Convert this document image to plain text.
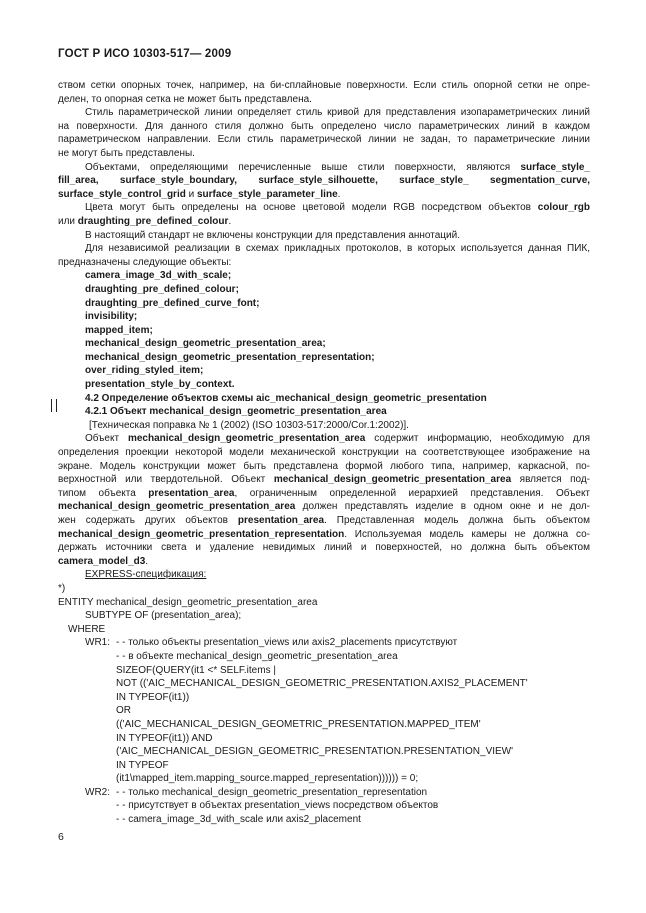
ГОСТ Р ИСО 10303-517— 2009
ством сетки опорных точек, например, на би-сплайновые поверхности. Если стиль опорной сетки не опре-
делен, то опорная сетка не может быть представлена.
Стиль параметрической линии определяет стиль кривой для представления изопараметрических линий
на поверхности. Для данного стиля должно быть определено число параметрических линий в каждом
параметрическом направлении. Если стиль параметрической линии не задан, то параметрические линии
не могут быть представлены.
Объектами, определяющими перечисленные выше стили поверхности, являются surface_style_
fill_area, surface_style_boundary, surface_style_silhouette, surface_style_ segmentation_curve,
surface_style_control_grid и surface_style_parameter_line.
Цвета могут быть определены на основе цветовой модели RGB посредством объектов colour_rgb
или draughting_pre_defined_colour.
В настоящий стандарт не включены конструкции для представления аннотаций.
Для независимой реализации в схемах прикладных протоколов, в которых используется данная ПИК,
предназначены следующие объекты:
camera_image_3d_with_scale;
draughting_pre_defined_colour;
draughting_pre_defined_curve_font;
invisibility;
mapped_item;
mechanical_design_geometric_presentation_area;
mechanical_design_geometric_presentation_representation;
over_riding_styled_item;
presentation_style_by_context.
4.2 Определение объектов схемы aic_mechanical_design_geometric_presentation
4.2.1 Объект mechanical_design_geometric_presentation_area
[Техническая поправка № 1 (2002) (ISO 10303-517:2000/Cor.1:2002)].
Объект mechanical_design_geometric_presentation_area содержит информацию, необходимую для
определения проекции некоторой модели механической конструкции на соответствующее изображение на
экране. Модель конструкции может быть представлена формой любого типа, например, каркасной, по-
верхностной или твердотельной. Объект mechanical_design_geometric_presentation_area является под-
типом объекта presentation_area, ограниченным определенной иерархией представления. Объект
mechanical_design_geometric_presentation_area должен представлять изделие в одном окне и не дол-
жен содержать других объектов presentation_area. Представленная модель должна быть объектом
mechanical_design_geometric_presentation_representation. Используемая модель камеры не должна со-
держать источники света и удаление невидимых линий и поверхностей, но должна быть объектом
camera_model_d3.
EXPRESS-спецификация:
*)
ENTITY mechanical_design_geometric_presentation_area
SUBTYPE OF (presentation_area);
WHERE
WR1: - - только объекты presentation_views или axis2_placements присутствуют
- - в объекте mechanical_design_geometric_presentation_area
SIZEOF(QUERY(it1 <* SELF.items |
NOT (('AIC_MECHANICAL_DESIGN_GEOMETRIC_PRESENTATION.AXIS2_PLACEMENT'
IN TYPEOF(it1))
OR
(('AIC_MECHANICAL_DESIGN_GEOMETRIC_PRESENTATION.MAPPED_ITEM'
IN TYPEOF(it1)) AND
('AIC_MECHANICAL_DESIGN_GEOMETRIC_PRESENTATION.PRESENTATION_VIEW'
IN TYPEOF
(it1\mapped_item.mapping_source.mapped_representation)))))) = 0;
WR2: - - только mechanical_design_geometric_presentation_representation
- - присутствует в объектах presentation_views посредством объектов
- - camera_image_3d_with_scale или axis2_placement
6
